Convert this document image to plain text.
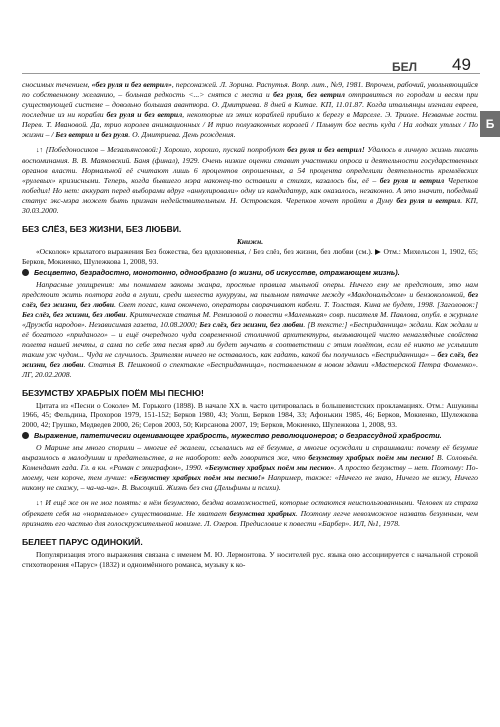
БЕЛ 49
Б

сносимых течением, «без руля и без ветрил», персонажей. Л. Зорина. Распутья. Вопр. лит., №9, 1981. Впрочем, рабочий, увольняющийся по собственному желанию, – больная редкость <...> снятся с места и без руля, без ветрил отправиться по городам и весям при существующей системе – довольно большая авантюра. О. Дмитриева. 8 дней в Китае. КП, 11.01.87. Когда итальянцы изгнали евреев, последние из ни корабли без руля и без ветрил, некоторые из этих кораблей прибило к берегу в Марселе. Э. Триоле. Незваные гости. Перев. Т. Ивановой. Да, трио королев анимационных / И трио полузаконных королей / Плывут бог весть куда / На лодках утлых / По жизни – / Без ветрил и без руля. О. Дмитриева. День рождения.

↓↑ [Победоносиков – Мезальянсовой:] Хорошо, хорошо, пускай попробуют без руля и без ветрил! Удалюсь в личную жизнь писать воспоминания. В. В. Маяковский. Баня (финал), 1929. Очень низкие оценки ставит участники опроса и деятельности государственных органов власти. Нормальной её считают лишь 6 процентов опрошенных, а 54 процента определили деятельность кремлёвских «рулевых» кризисными. Теперь, когда бывшего мэра наконец-то оставили в стихах, казалось бы, её – без руля и ветрил Черепков победил! Но нет: аккурат перед выборами вдруг «аннулировали» одну из кандидатур, как оказалось, незаконно. А это значит, победный статус экс-мэра может быть признан недействительным. Н. Островская. Черепков хочет пройти в Думу без руля и ветрил. КП, 30.03.2000.

БЕЗ СЛЁЗ, БЕЗ ЖИЗНИ, БЕЗ ЛЮБВИ.
Книжн.

«Осколок» крылатого выражения Без божества, без вдохновенья, / Без слёз, без жизни, без любви (см.). ▶ Отм.: Михельсон 1, 1902, 65; Берков, Мокиенко, Шулежкова 1, 2008, 93.

Бесцветно, безрадостно, монотонно, однообразно (о жизни, об искусстве, отражающем жизнь).

Напрасные ухищрения: мы понимаем законы жанра, простые правила мыльной оперы. Ничего ему не предстоит, это нам предстоит жить полтора года в глуши, среди шелеста кукурузы, на пыльном пятачке между «Макдональдсом» и бензоколонкой, без слёз, без жизни, без любви. Свет погас, кина окончено, операторы сворачивают кабели. Т. Толстая. Кина не будет, 1998. [Заголовок:] Без слёз, без жизни, без любви. Критическая статья М. Ремизовой о повести «Маленькая» совр. писателя М. Павлова, опубл. в журнале «Дружба народов». Независимая газета, 10.08.2000; Без слёз, без жизни, без любви. [В тексте:] «Бесприданница» ждали. Как ждали и её богатого «приданого» – и ещё очередного чуда современной столичной архитектуры, вызывающей чисто ненаглядные свойства полета нашей мечты, а сама по себе эта песня вряд ли будет звучать в соответствии с этим полётом, если её никто не услышит таким уж чудом... Чуда не случилось. Зрителям ничего не оставалось, как гадать, какой бы получилась «Бесприданница» – без слёз, без жизни, без любви. Статья В. Пешковой о спектакле «Бесприданница», поставленном в новом здании «Мастерской Петра Фоменко». ЛГ, 20.02.2008.

БЕЗУМСТВУ ХРАБРЫХ ПОЁМ МЫ ПЕСНЮ!

Цитата из «Песни о Соколе» М. Горького (1898). В начале XX в. часто цитировалась в большевистских прокламациях. Отм.: Ашукины 1966, 45; Фельдина, Прохоров 1979, 151-152; Берков 1980, 43; Уолш, Берков 1984, 33; Афонькин 1985, 46; Берков, Мокиенко, Шулежкова 2000, 42; Грушко, Медведев 2000, 26; Серов 2003, 50; Кирсанова 2007, 19; Берков, Мокиенко, Шулежкова 1, 2008, 93.

Выражение, патетически оценивающее храбрость, мужество революционеров; о безрассудной храбрости.

О Марине мы много спорили – многие её жалели, ссылались на её безумие, а многие осуждали и спрашивали: почему её безумие выразилось в малодушии и предательстве, а не наоборот: ведь говорится же, что безумству храбрых поём мы песню! В. Соловьёв. Комендант гада. Гл. в кн. «Роман с эпиграфом», 1990. «Безумству храбрых поём мы песню». А просто безумству – нет. Поэтому: По-моему, чем короче, тем лучше: «Безумству храбрых поём мы песню!» Например, также: «Ничего не знаю, Ничего не вижу, Ничего никому не скажу, – ча-ча-ча». В. Высоцкий. Жизнь без сна (Дельфины и психи).

↓↑ И ещё же он не мог понять: в нём безумство, бездна возможностей, которые остаются неиспользованными. Человек из страха обрекает себя на «нормальное» существование. Не хватает безумства храбрых. Поэтому легче невозможное назвать безумным, чем признать его частью для голоскружительной новизне. Л. Озеров. Предисловие к повести «Барбер». ИЛ, №1, 1978.

БЕЛЕЕТ ПАРУС ОДИНОКИЙ.

Популяризация этого выражения связана с именем М. Ю. Лермонтова. У носителей рус. языка оно ассоциируется с начальной строкой стихотворения «Парус» (1832) и одноимённого романса, музыку к ко-
